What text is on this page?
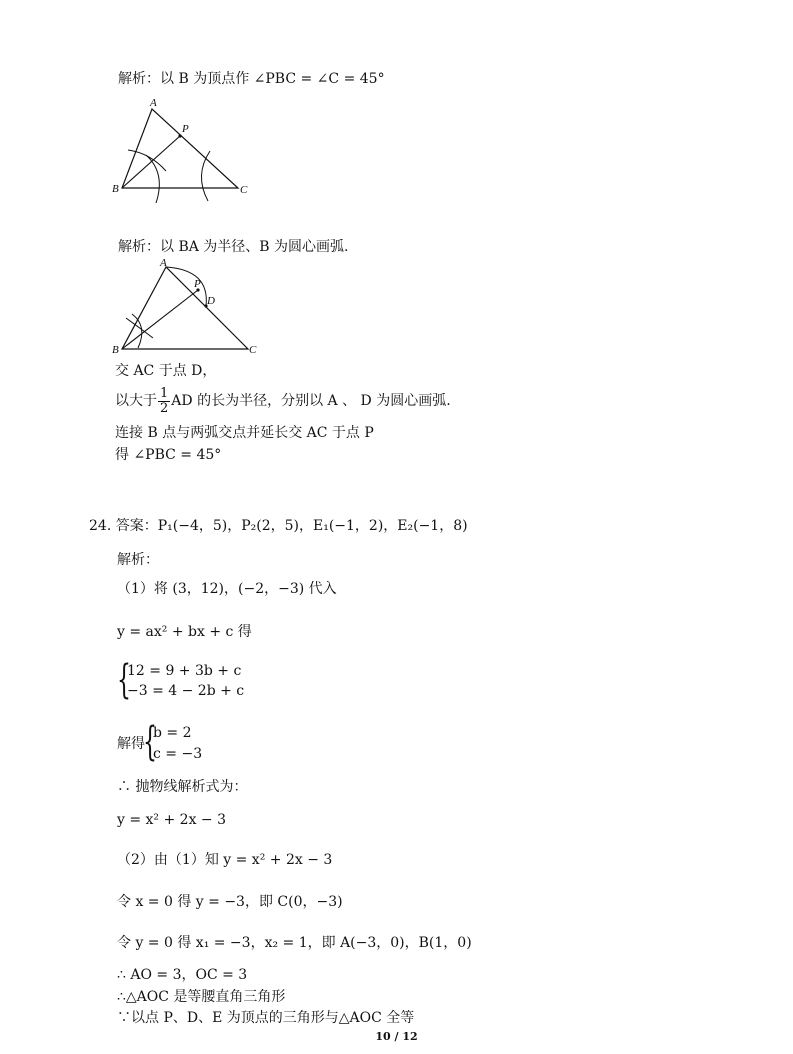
解析：以 B 为顶点作 ∠PBC = ∠C = 45°
A
P
B	C
解析：以 BA 为半径、B 为圆心画弧.
A
P
D
B	C
交 AC 于点 D，
以大于 $\frac{1}{2}$ AD 的长为半径，分别以 A 、 D 为圆心画弧.
连接 B 点与两弧交点并延长交 AC 于点 P
得 ∠PBC = 45°
24. 答案：P₁(−4，5)，P₂(2，5)，E₁(−1，2)，E₂(−1，8)
解析：
（1）将 (3，12)，(−2，−3) 代入
y = ax² + bx + c 得
{
12 = 9 + 3b + c
−3 = 4 − 2b + c
解得
{
b = 2
c = −3
∴ 抛物线解析式为：
y = x² + 2x − 3
（2）由（1）知 y = x² + 2x − 3
令 x = 0 得 y = −3，即 C(0，−3)
令 y = 0 得 x₁ = −3，x₂ = 1，即 A(−3，0)，B(1，0)
∴ AO = 3，OC = 3
∴△AOC 是等腰直角三角形
∵以点 P、D、E 为顶点的三角形与△AOC 全等
10 / 12
